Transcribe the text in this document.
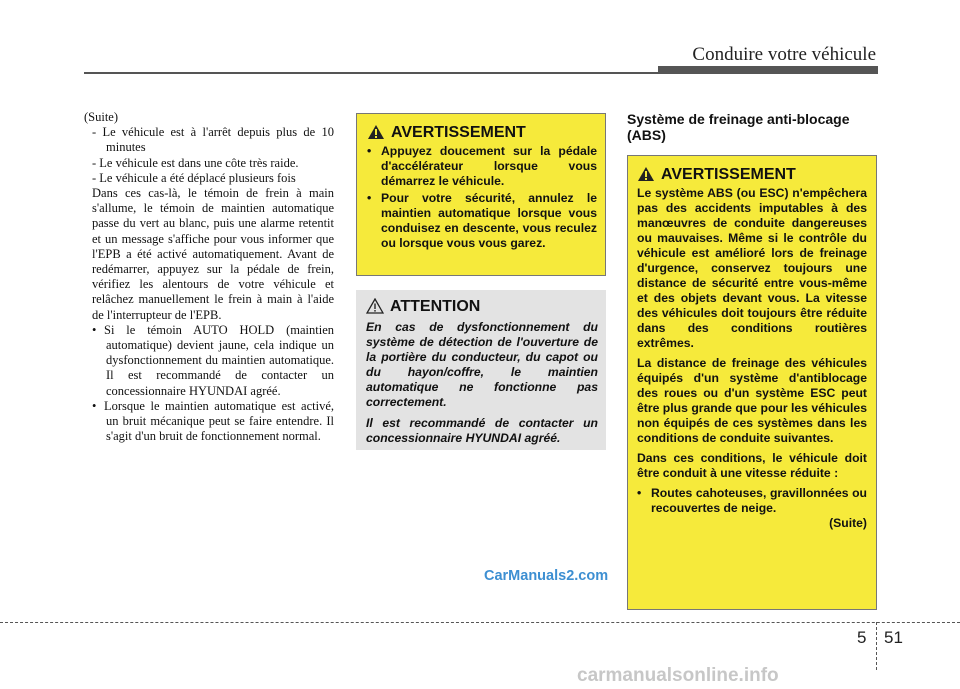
Conduire votre véhicule

(Suite)

- Le véhicule est à l'arrêt depuis plus de 10 minutes

- Le véhicule est dans une côte très raide.

- Le véhicule a été déplacé plusieurs fois

Dans ces cas-là, le témoin de frein à main s'allume, le témoin de maintien automatique passe du vert au blanc, puis une alarme retentit et un message s'affiche pour vous informer que l'EPB a été activé automatiquement. Avant de redémarrer, appuyez sur la pédale de frein, vérifiez les alentours de votre véhicule et relâchez manuellement le frein à main à l'aide de l'interrupteur de l'EPB.

• Si le témoin AUTO HOLD (maintien automatique) devient jaune, cela indique un dysfonctionnement du maintien automatique. Il est recommandé de contacter un concessionnaire HYUNDAI agréé.

• Lorsque le maintien automatique est activé, un bruit mécanique peut se faire entendre. Il s'agit d'un bruit de fonctionnement normal.

AVERTISSEMENT

• Appuyez doucement sur la pédale d'accélérateur lorsque vous démarrez le véhicule.

• Pour votre sécurité, annulez le maintien automatique lorsque vous conduisez en descente, vous reculez ou lorsque vous vous garez.

ATTENTION

En cas de dysfonctionnement du système de détection de l'ouverture de la portière du conducteur, du capot ou du hayon/coffre, le maintien automatique ne fonctionne pas correctement.

Il est recommandé de contacter un concessionnaire HYUNDAI agréé.

Système de freinage anti-blocage (ABS)
AVERTISSEMENT

Le système ABS (ou ESC) n'empêchera pas des accidents imputables à des manœuvres de conduite dangereuses ou mauvaises. Même si le contrôle du véhicule est amélioré lors de freinage d'urgence, conservez toujours une distance de sécurité entre vous-même et des objets devant vous. La vitesse des véhicules doit toujours être réduite dans des conditions routières extrêmes.

La distance de freinage des véhicules équipés d'un système d'antiblocage des roues ou d'un système ESC peut être plus grande que pour les véhicules non équipés de ces systèmes dans les conditions de conduite suivantes.

Dans ces conditions, le véhicule doit être conduit à une vitesse réduite :

• Routes cahoteuses, gravillonnées ou recouvertes de neige.

(Suite)

CarManuals2.com
5 51
carmanualsonline.info
